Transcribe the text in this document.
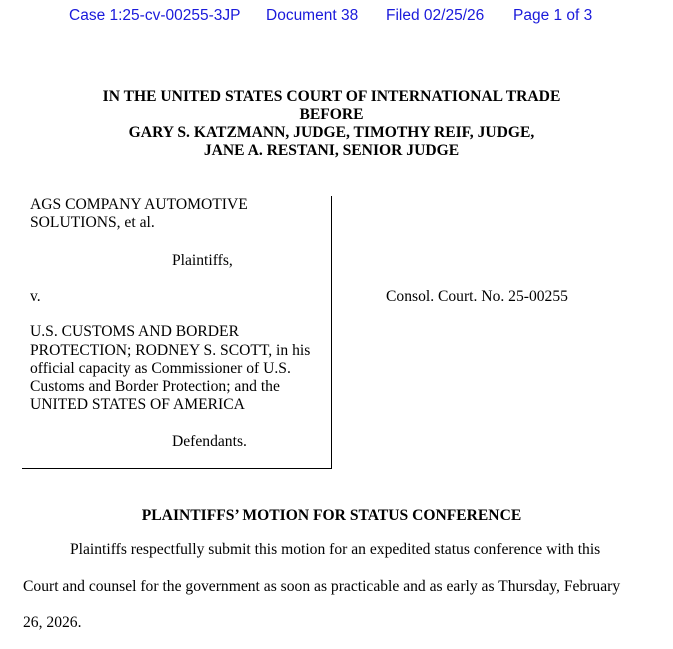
Case 1:25-cv-00255-3JP Document 38 Filed 02/25/26 Page 1 of 3
IN THE UNITED STATES COURT OF INTERNATIONAL TRADE
BEFORE
GARY S. KATZMANN, JUDGE, TIMOTHY REIF, JUDGE,
JANE A. RESTANI, SENIOR JUDGE
AGS COMPANY AUTOMOTIVE
SOLUTIONS, et al.
Plaintiffs,
v.
U.S. CUSTOMS AND BORDER
PROTECTION; RODNEY S. SCOTT, in his
official capacity as Commissioner of U.S.
Customs and Border Protection; and the
UNITED STATES OF AMERICA
Defendants.
Consol. Court. No. 25-00255
PLAINTIFFS’ MOTION FOR STATUS CONFERENCE
Plaintiffs respectfully submit this motion for an expedited status conference with this
Court and counsel for the government as soon as practicable and as early as Thursday, February
26, 2026.
